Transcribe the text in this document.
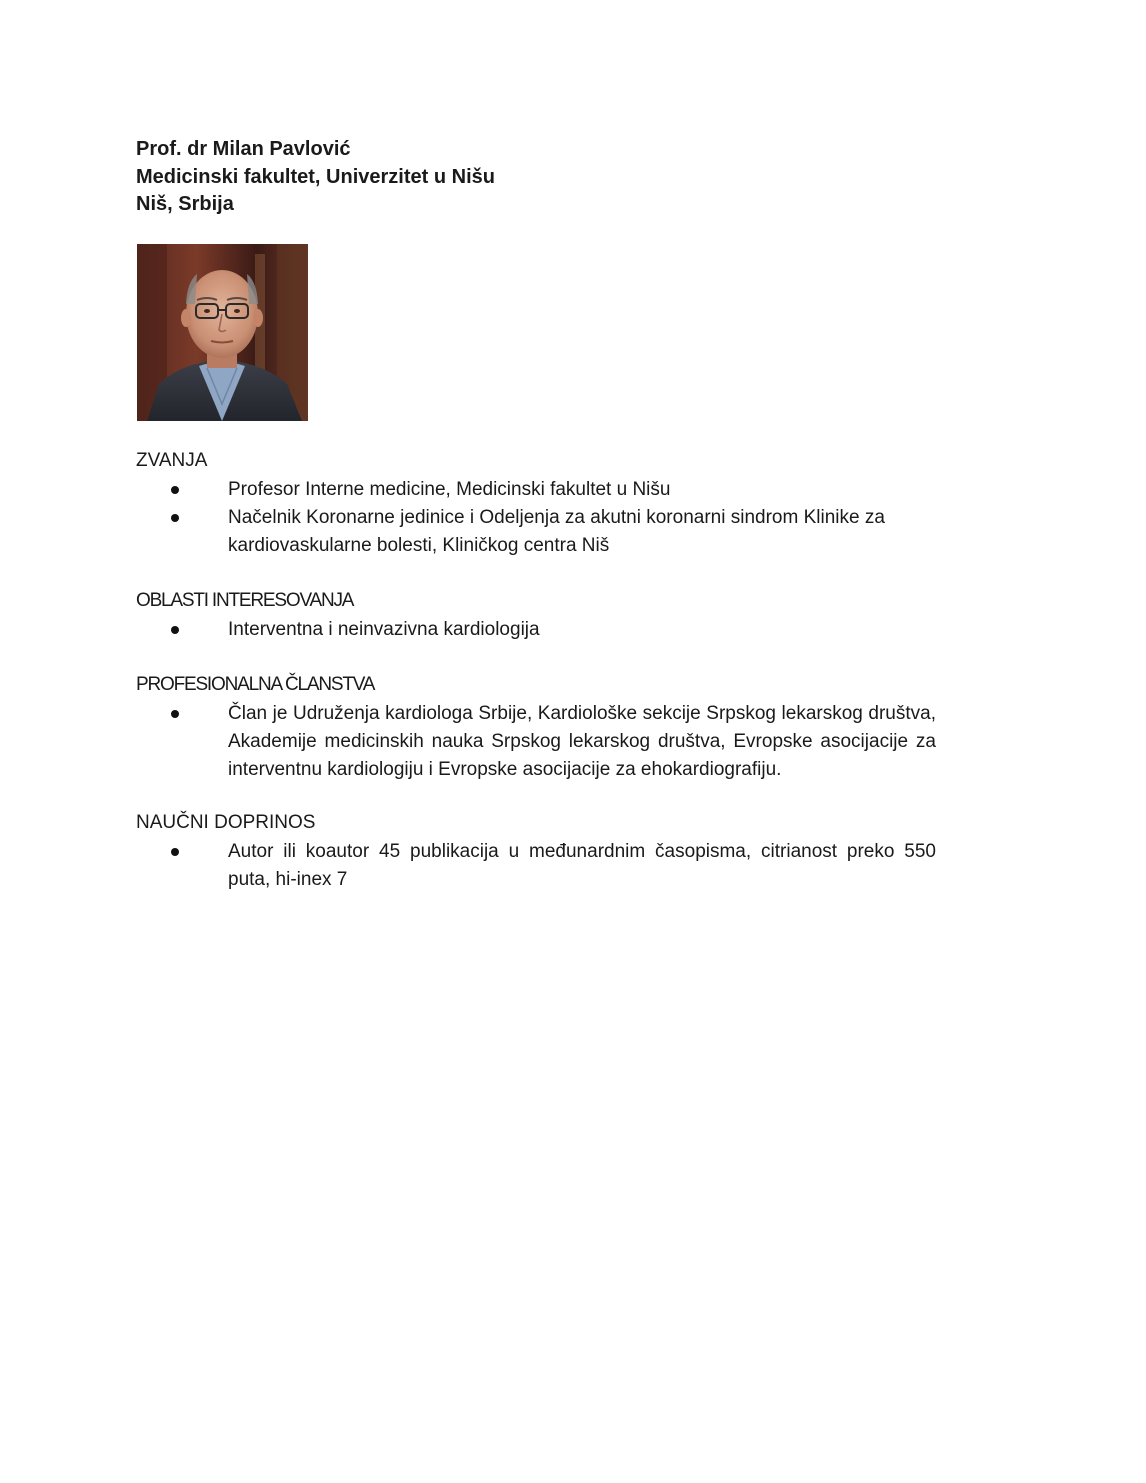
Prof. dr Milan Pavlović
Medicinski fakultet, Univerzitet u Nišu
Niš, Srbija
ZVANJA
Profesor Interne medicine, Medicinski fakultet u Nišu
Načelnik Koronarne jedinice i Odeljenja za akutni koronarni sindrom Klinike za kardiovaskularne bolesti, Kliničkog centra Niš
OBLASTI INTERESOVANJA
Interventna i neinvazivna kardiologija
PROFESIONALNA ČLANSTVA
Član je Udruženja kardiologa Srbije, Kardiološke sekcije Srpskog lekarskog društva, Akademije medicinskih nauka Srpskog lekarskog društva, Evropske asocijacije za interventnu kardiologiju i Evropske asocijacije za ehokardiografiju.
NAUČNI DOPRINOS
Autor ili koautor 45 publikacija u međunardnim časopisma, citrianost preko 550 puta, hi-inex 7
